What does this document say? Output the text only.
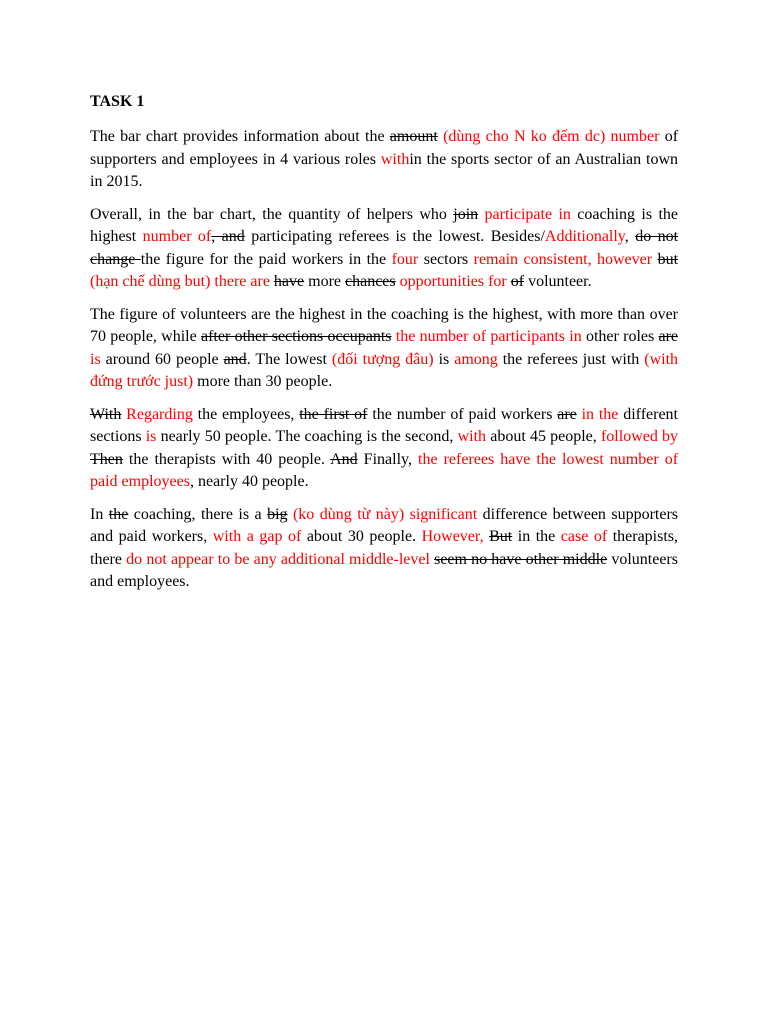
TASK 1

The bar chart provides information about the amount (dùng cho N ko đếm dc) number of supporters and employees in 4 various roles within the sports sector of an Australian town in 2015.

Overall, in the bar chart, the quantity of helpers who join participate in coaching is the highest number of, and participating referees is the lowest. Besides/Additionally, do not change the figure for the paid workers in the four sectors remain consistent, however but (hạn chế dùng but) there are have more chances opportunities for of volunteer.

The figure of volunteers are the highest in the coaching is the highest, with more than over 70 people, while after other sections occupants the number of participants in other roles are is around 60 people and. The lowest (đối tượng đâu) is among the referees just with (with đứng trước just) more than 30 people.

With Regarding the employees, the first of the number of paid workers are in the different sections is nearly 50 people. The coaching is the second, with about 45 people, followed by Then the therapists with 40 people. And Finally, the referees have the lowest number of paid employees, nearly 40 people.

In the coaching, there is a big (ko dùng từ này) significant difference between supporters and paid workers, with a gap of about 30 people. However, But in the case of therapists, there do not appear to be any additional middle-level seem no have other middle volunteers and employees.
